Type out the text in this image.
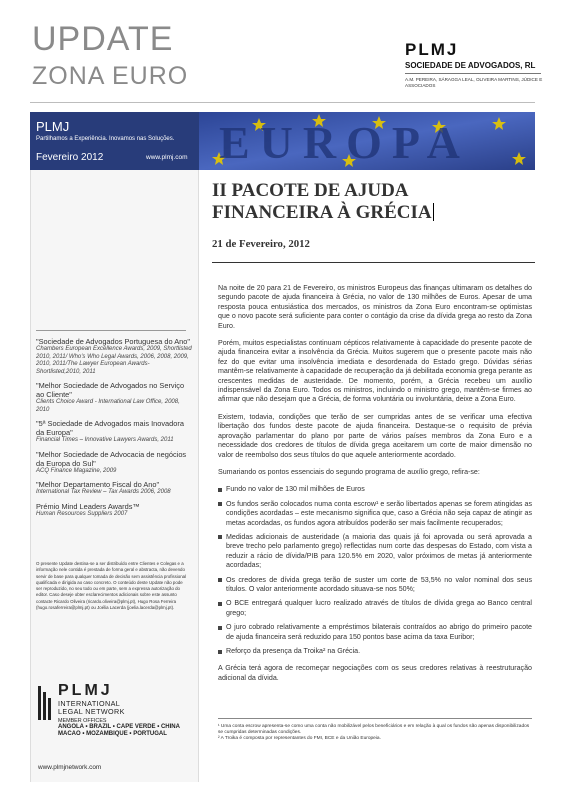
UPDATE
ZONA EURO
PLMJ
SOCIEDADE DE ADVOGADOS, RL
A.M. PEREIRA, SÁRAGGA LEAL, OLIVEIRA MARTINS, JÚDICE E ASSOCIADOS
PLMJ
Partilhamos a Experiência. Inovamos nas Soluções.
Fevereiro 2012	www.plmj.com EUROPA
"Sociedade de Advogados Portuguesa do Ano"
Chambers European Excellence Awards, 2009, Shortlisted 2010, 2011/ Who's Who Legal Awards, 2006, 2008, 2009, 2010, 2011/The Lawyer European Awards-Shortlisted,2010, 2011
"Melhor Sociedade de Advogados no Serviço ao Cliente"
Clients Choice Award - International Law Office, 2008, 2010
"5ª Sociedade de Advogados mais Inovadora da Europa"
Financial Times – Innovative Lawyers Awards, 2011
"Melhor Sociedade de Advocacia de negócios da Europa do Sul"
ACQ Finance Magazine, 2009
"Melhor Departamento Fiscal do Ano"
International Tax Review – Tax Awards 2006, 2008
Prémio Mind Leaders Awards™
Human Resources Suppliers 2007
O presente Update destina-se a ser distribuído entre Clientes e Colegas e a informação nele contida é prestada de forma geral e abstracta, não devendo servir de base para qualquer tomada de decisão sem assistência profissional qualificada e dirigida ao caso concreto. O conteúdo deste Update não pode ser reproduzido, no seu todo ou em parte, sem a expressa autorização do editor. Caso deseje obter esclarecimentos adicionais sobre este assunto contacte Ricardo Oliveira (ricardo.oliveira@plmj.pt), Hugo Rosa Ferreira (hugo.rosaferreira@plmj.pt) ou Joélia Lacerda (joelia.lacerda@plmj.pt).
PLMJ
INTERNATIONAL
LEGAL NETWORK
MEMBER OFFICES
ANGOLA • BRAZIL • CAPE VERDE • CHINA
MACAO • MOZAMBIQUE • PORTUGAL
www.plmjnetwork.com
II PACOTE DE AJUDA
FINANCEIRA À GRÉCIA
21 de Fevereiro, 2012

Na noite de 20 para 21 de Fevereiro, os ministros Europeus das finanças ultimaram os detalhes do segundo pacote de ajuda financeira à Grécia, no valor de 130 milhões de Euros. Apesar de uma resposta pouca entusiástica dos mercados, os ministros da Zona Euro encontram-se optimistas que o novo pacote será suficiente para conter o contágio da crise da dívida grega ao resto da Zona Euro.

Porém, muitos especialistas continuam cépticos relativamente à capacidade do presente pacote de ajuda financeira evitar a insolvência da Grécia. Muitos sugerem que o presente pacote mais não fez do que evitar uma insolvência imediata e desordenada do Estado grego. Dúvidas sérias mantêm-se relativamente à capacidade de recuperação da já debilitada economia grega perante as crescentes medidas de austeridade. De momento, porém, a Grécia recebeu um auxílio indispensável da Zona Euro. Todos os ministros, incluindo o ministro grego, mantêm-se firmes ao afirmar que não desejam que a Grécia, de forma voluntária ou involuntária, deixe a Zona Euro.

Existem, todavia, condições que terão de ser cumpridas antes de se verificar uma efectiva libertação dos fundos deste pacote de ajuda financeira. Destaque-se o requisito de prévia aprovação parlamentar do plano por parte de vários países membros da Zona Euro e a necessidade dos credores de títulos de dívida grega aceitarem um corte de maior dimensão no valor de reembolso dos seus títulos do que aquele anteriormente acordado.

Sumariando os pontos essenciais do segundo programa de auxílio grego, refira-se:

Fundo no valor de 130 mil milhões de Euros
Os fundos serão colocados numa conta escrow¹ e serão libertados apenas se forem atingidas as condições acordadas – este mecanismo significa que, caso a Grécia não seja capaz de atingir as metas acordadas, os fundos agora atribuídos poderão ser mais facilmente recuperados;
Medidas adicionais de austeridade (a maioria das quais já foi aprovada ou será aprovada a breve trecho pelo parlamento grego) reflectidas num corte das despesas do Estado, com vista a reduzir a rácio de dívida/PIB para 120.5% em 2020, valor próximos de metas já anteriormente acordadas;
Os credores de dívida grega terão de suster um corte de 53,5% no valor nominal dos seus títulos. O valor anteriormente acordado situava-se nos 50%;
O BCE entregará qualquer lucro realizado através de títulos de dívida grega ao Banco central grego;
O juro cobrado relativamente a empréstimos bilaterais contraídos ao abrigo do primeiro pacote de ajuda financeira será reduzido para 150 pontos base acima da taxa Euribor;
Reforço da presença da Troika² na Grécia.

A Grécia terá agora de recomeçar negociações com os seus credores relativas à reestruturação adicional da dívida.

¹ Uma conta escrow apresenta-se como uma conta não mobilizável pelos beneficiários e em relação à qual os fundos são apenas disponibilizados se cumpridas determinadas condições.
² A Troika é composta por representantes do FMI, BCE e da União Europeia.
